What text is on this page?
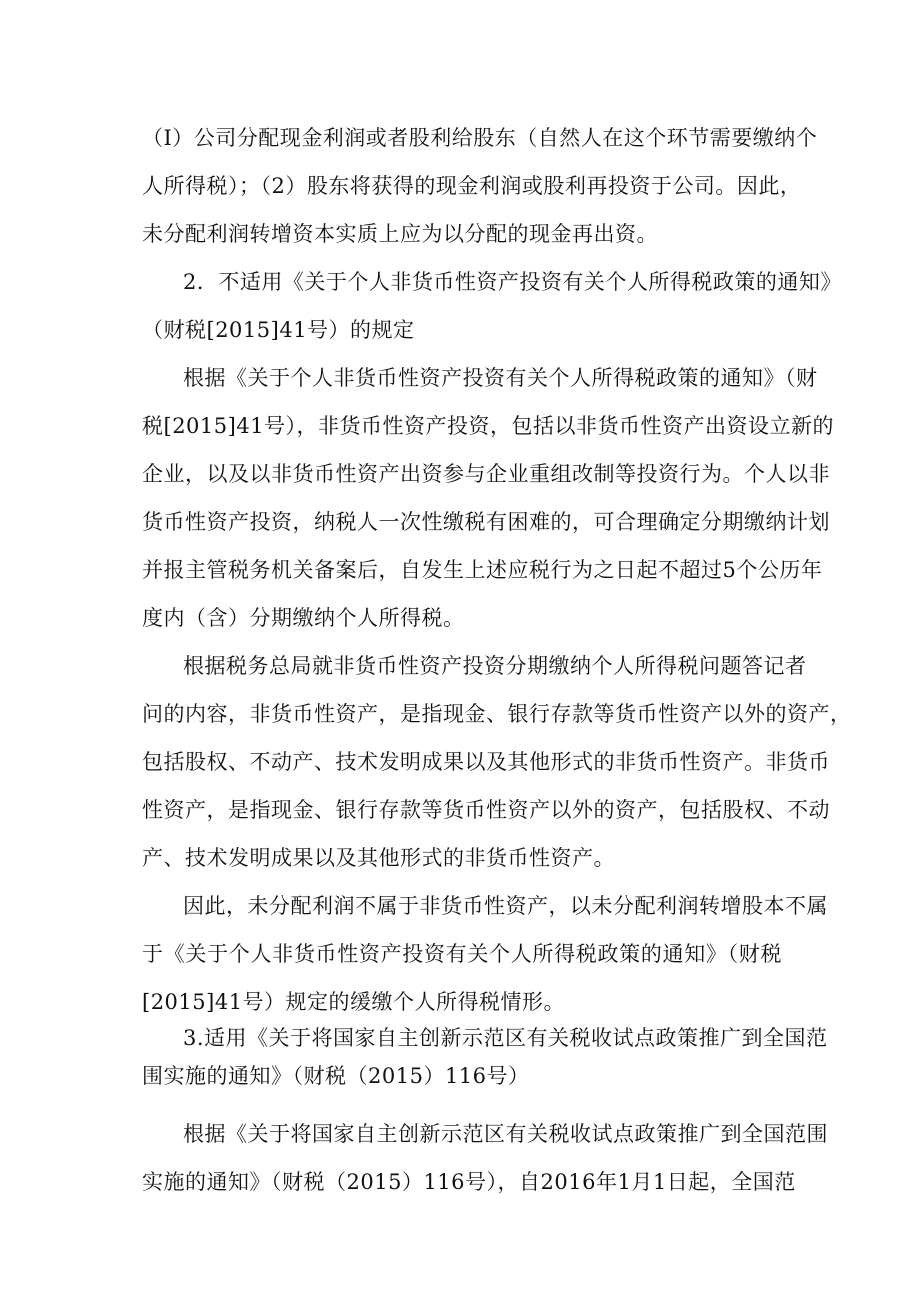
（I）公司分配现金利润或者股利给股东（自然人在这个环节需要缴纳个
人所得税）；（2）股东将获得的现金利润或股利再投资于公司。因此，
未分配利润转增资本实质上应为以分配的现金再出资。
2．不适用《关于个人非货币性资产投资有关个人所得税政策的通知》
（财税[2015]41号）的规定
根据《关于个人非货币性资产投资有关个人所得税政策的通知》（财
税[2015]41号），非货币性资产投资，包括以非货币性资产出资设立新的
企业，以及以非货币性资产出资参与企业重组改制等投资行为。个人以非
货币性资产投资，纳税人一次性缴税有困难的，可合理确定分期缴纳计划
并报主管税务机关备案后，自发生上述应税行为之日起不超过5个公历年
度内（含）分期缴纳个人所得税。
根据税务总局就非货币性资产投资分期缴纳个人所得税问题答记者
问的内容，非货币性资产，是指现金、银行存款等货币性资产以外的资产，
包括股权、不动产、技术发明成果以及其他形式的非货币性资产。非货币
性资产，是指现金、银行存款等货币性资产以外的资产，包括股权、不动
产、技术发明成果以及其他形式的非货币性资产。
因此，未分配利润不属于非货币性资产，以未分配利润转增股本不属
于《关于个人非货币性资产投资有关个人所得税政策的通知》（财税
[2015]41号）规定的缓缴个人所得税情形。
3.适用《关于将国家自主创新示范区有关税收试点政策推广到全国范
围实施的通知》（财税（2015）116号）
根据《关于将国家自主创新示范区有关税收试点政策推广到全国范围
实施的通知》（财税（2015）116号），自2016年1月1日起，全国范
